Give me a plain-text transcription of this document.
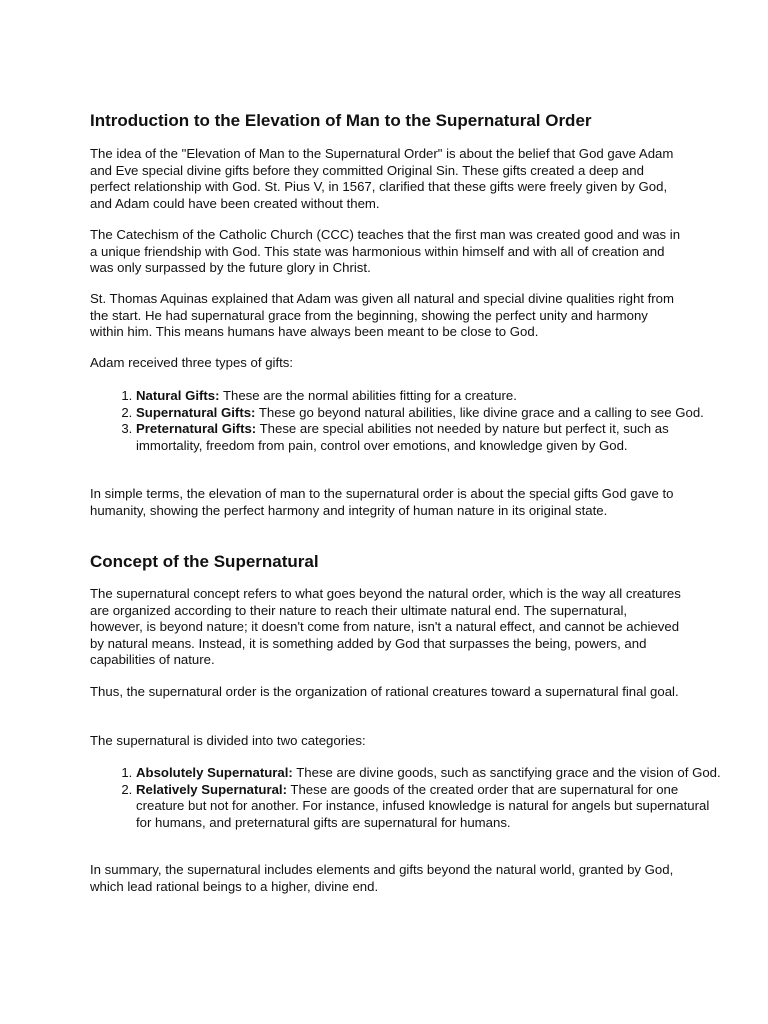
Introduction to the Elevation of Man to the Supernatural Order

The idea of the "Elevation of Man to the Supernatural Order" is about the belief that God gave Adam and Eve special divine gifts before they committed Original Sin. These gifts created a deep and perfect relationship with God. St. Pius V, in 1567, clarified that these gifts were freely given by God, and Adam could have been created without them.

The Catechism of the Catholic Church (CCC) teaches that the first man was created good and was in a unique friendship with God. This state was harmonious within himself and with all of creation and was only surpassed by the future glory in Christ.

St. Thomas Aquinas explained that Adam was given all natural and special divine qualities right from the start. He had supernatural grace from the beginning, showing the perfect unity and harmony within him. This means humans have always been meant to be close to God.

Adam received three types of gifts:

1. Natural Gifts: These are the normal abilities fitting for a creature.
2. Supernatural Gifts: These go beyond natural abilities, like divine grace and a calling to see God.
3. Preternatural Gifts: These are special abilities not needed by nature but perfect it, such as immortality, freedom from pain, control over emotions, and knowledge given by God.

In simple terms, the elevation of man to the supernatural order is about the special gifts God gave to humanity, showing the perfect harmony and integrity of human nature in its original state.

Concept of the Supernatural

The supernatural concept refers to what goes beyond the natural order, which is the way all creatures are organized according to their nature to reach their ultimate natural end. The supernatural, however, is beyond nature; it doesn't come from nature, isn't a natural effect, and cannot be achieved by natural means. Instead, it is something added by God that surpasses the being, powers, and capabilities of nature.

Thus, the supernatural order is the organization of rational creatures toward a supernatural final goal.

The supernatural is divided into two categories:

1. Absolutely Supernatural: These are divine goods, such as sanctifying grace and the vision of God.
2. Relatively Supernatural: These are goods of the created order that are supernatural for one creature but not for another. For instance, infused knowledge is natural for angels but supernatural for humans, and preternatural gifts are supernatural for humans.

In summary, the supernatural includes elements and gifts beyond the natural world, granted by God, which lead rational beings to a higher, divine end.
